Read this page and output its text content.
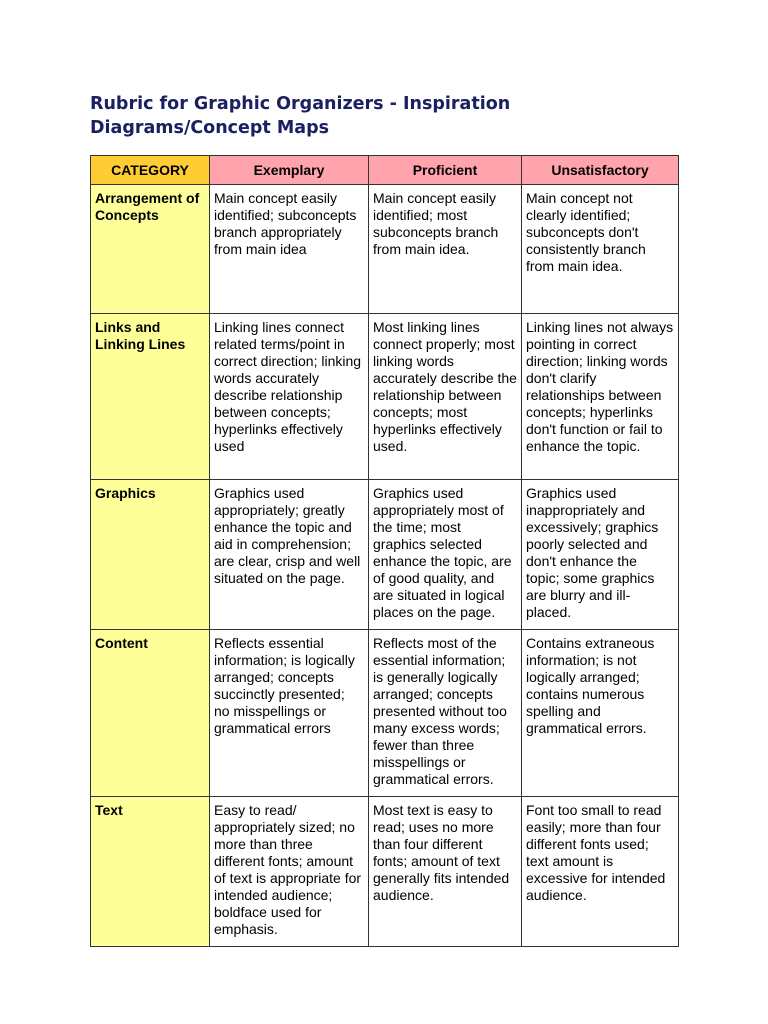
Rubric for Graphic Organizers - Inspiration Diagrams/Concept Maps
CATEGORY	Exemplary	Proficient	Unsatisfactory
Arrangement of Concepts	Main concept easily identified; subconcepts branch appropriately from main idea	Main concept easily identified; most subconcepts branch from main idea.	Main concept not clearly identified; subconcepts don't consistently branch from main idea.
Links and Linking Lines	Linking lines connect related terms/point in correct direction; linking words accurately describe relationship between concepts; hyperlinks effectively used	Most linking lines connect properly; most linking words accurately describe the relationship between concepts; most hyperlinks effectively used.	Linking lines not always pointing in correct direction; linking words don't clarify relationships between concepts; hyperlinks don't function or fail to enhance the topic.
Graphics	Graphics used appropriately; greatly enhance the topic and aid in comprehension; are clear, crisp and well situated on the page.	Graphics used appropriately most of the time; most graphics selected enhance the topic, are of good quality, and are situated in logical places on the page.	Graphics used inappropriately and excessively; graphics poorly selected and don't enhance the topic; some graphics are blurry and ill-placed.
Content	Reflects essential information; is logically arranged; concepts succinctly presented; no misspellings or grammatical errors	Reflects most of the essential information; is generally logically arranged; concepts presented without too many excess words; fewer than three misspellings or grammatical errors.	Contains extraneous information; is not logically arranged; contains numerous spelling and grammatical errors.
Text	Easy to read/ appropriately sized; no more than three different fonts; amount of text is appropriate for intended audience; boldface used for emphasis.	Most text is easy to read; uses no more than four different fonts; amount of text generally fits intended audience.	Font too small to read easily; more than four different fonts used; text amount is excessive for intended audience.
